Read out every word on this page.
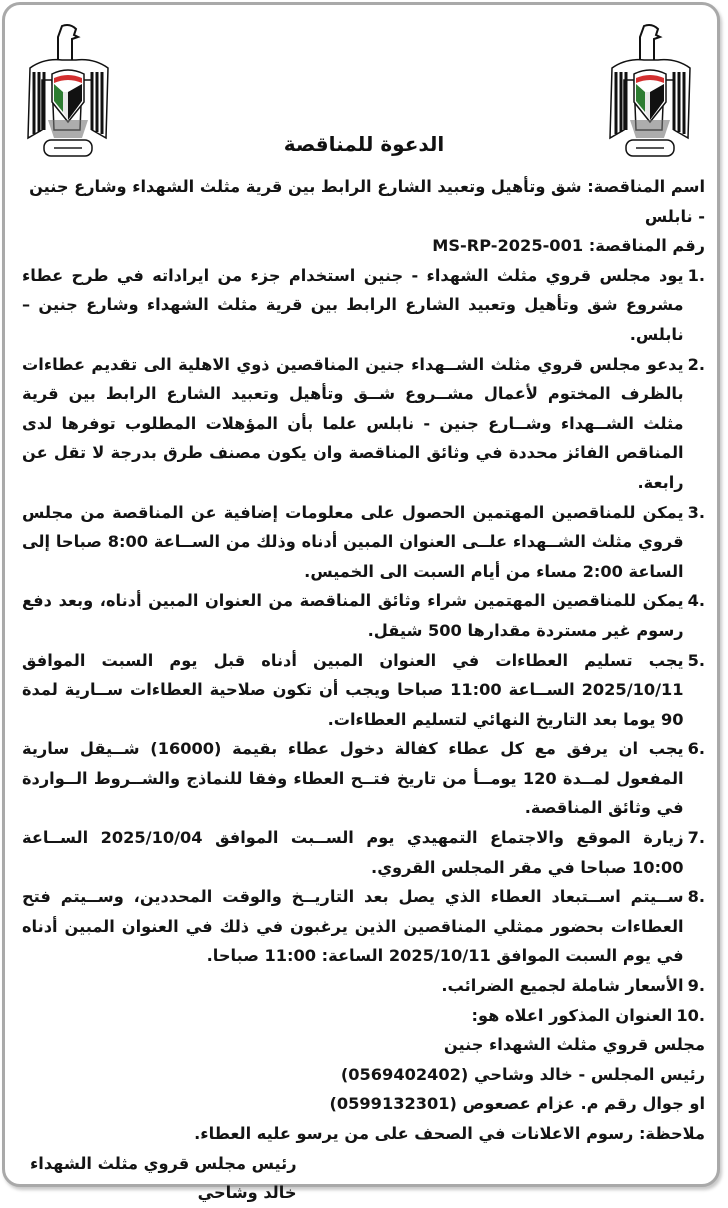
الدعوة للمناقصة
اسم المناقصة: شق وتأهيل وتعبيد الشارع الرابط بين قرية مثلث الشهداء وشارع جنين - نابلس
رقم المناقصة: MS-RP-2025-001
1.
يود مجلس قروي مثلث الشهداء - جنين استخدام جزء من ايراداته في طرح عطاء مشروع شق وتأهيل وتعبيد الشارع الرابط بين قرية مثلث الشهداء وشارع جنين – نابلس.
2.
يدعو مجلس قروي مثلث الشــهداء جنين المناقصين ذوي الاهلية الى تقديم عطاءات بالظرف المختوم لأعمال مشــروع شــق وتأهيل وتعبيد الشارع الرابط بين قرية مثلث الشــهداء وشــارع جنين - نابلس علما بأن المؤهلات المطلوب توفرها لدى المناقص الفائز محددة في وثائق المناقصة وان يكون مصنف طرق بدرجة لا تقل عن رابعة.
3.
يمكن للمناقصين المهتمين الحصول على معلومات إضافية عن المناقصة من مجلس قروي مثلث الشــهداء علــى العنوان المبين أدناه وذلك من الســاعة 8:00 صباحا إلى الساعة 2:00 مساء من أيام السبت الى الخميس.
4.
يمكن للمناقصين المهتمين شراء وثائق المناقصة من العنوان المبين أدناه، وبعد دفع رسوم غير مستردة مقدارها 500 شيقل.
5.
يجب تسليم العطاءات في العنوان المبين أدناه قبل يوم السبت الموافق 2025/10/11 الســاعة 11:00 صباحا ويجب أن تكون صلاحية العطاءات ســارية لمدة 90 يوما بعد التاريخ النهائي لتسليم العطاءات.
6.
يجب ان يرفق مع كل عطاء كفالة دخول عطاء بقيمة (16000) شــيقل سارية المفعول لمــدة 120 يومــأ من تاريخ فتــح العطاء وفقا للنماذج والشــروط الــواردة في وثائق المناقصة.
7.
زيارة الموقع والاجتماع التمهيدي يوم الســبت الموافق 2025/10/04 الســاعة 10:00 صباحا في مقر المجلس القروي.
8.
ســيتم اســتبعاد العطاء الذي يصل بعد التاريــخ والوقت المحددين، وســيتم فتح العطاءات بحضور ممثلي المناقصين الذين يرغبون في ذلك في العنوان المبين أدناه في يوم السبت الموافق 2025/10/11 الساعة: 11:00 صباحا.
9.
الأسعار شاملة لجميع الضرائب.
10.
العنوان المذكور اعلاه هو:
مجلس قروي مثلث الشهداء جنين
رئيس المجلس - خالد وشاحي (0569402402)
او جوال رقم م. عزام عصعوص (0599132301)
ملاحظة: رسوم الاعلانات في الصحف على من يرسو عليه العطاء.
رئيس مجلس قروي مثلث الشهداء
خالد وشاحي
